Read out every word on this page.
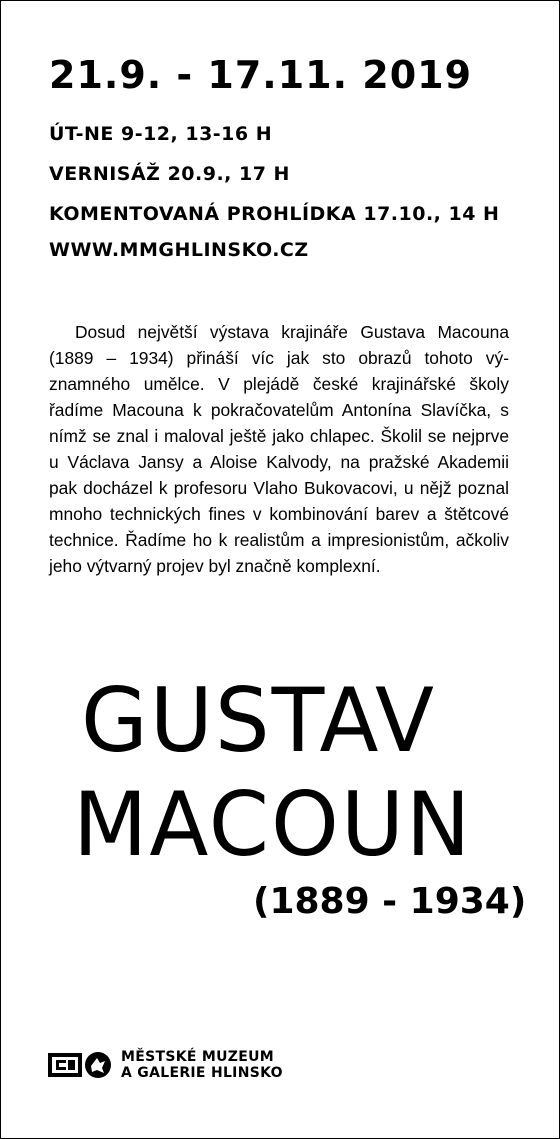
21.9. - 17.11. 2019
ÚT-NE 9-12, 13-16 H
VERNISÁŽ 20.9., 17 H
KOMENTOVANÁ PROHLÍDKA 17.10., 14 H
WWW.MMGHLINSKO.CZ
Dosud největší výstava krajináře Gustava Macouna (1889 – 1934) přináší víc jak sto obrazů tohoto významného umělce. V plejádě české krajinářské školy řadíme Macouna k pokračovatelům Antonína Slavíčka, s nímž se znal i maloval ještě jako chlapec. Školil se nejprve u Václava Jansy a Aloise Kalvody, na pražské Akademii pak docházel k profesoru Vlaho Bukovacovi, u nějž poznal mnoho technických fines v kombinování barev a štětcové technice. Řadíme ho k realistům a impresionistům, ačkoliv jeho výtvarný projev byl značně komplexní.
GUSTAV
MACOUN
(1889 - 1934)
MĚSTSKÉ MUZEUM
A GALERIE HLINSKO
